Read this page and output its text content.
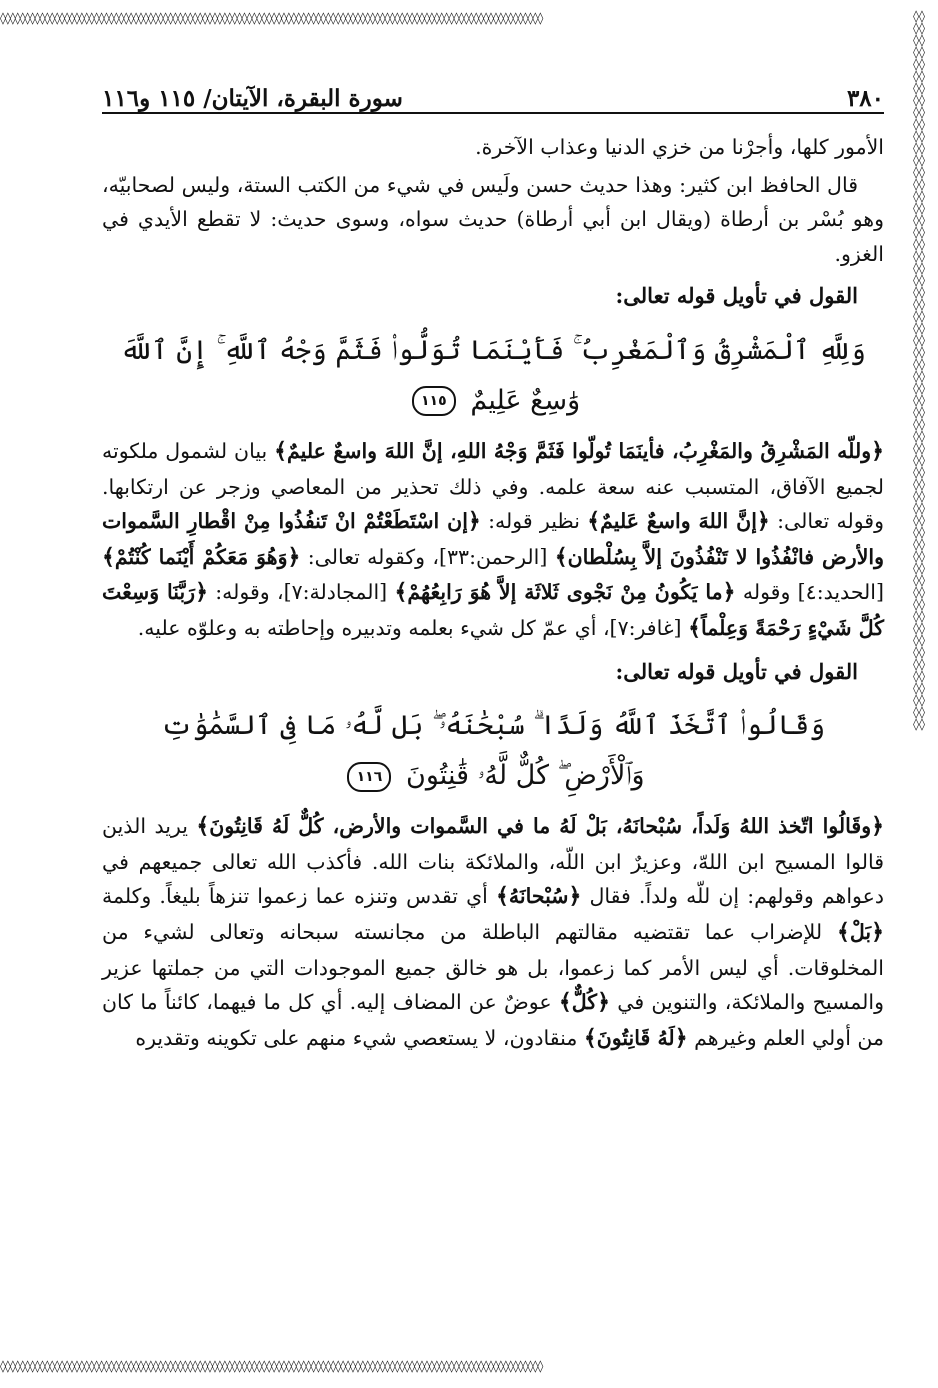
◊◊◊◊◊◊◊◊◊◊◊◊◊◊◊◊◊◊◊◊◊◊◊◊◊◊◊◊◊◊◊◊◊◊◊◊◊◊◊◊◊◊◊◊◊◊◊◊◊◊◊◊◊◊◊◊◊◊◊◊◊◊◊◊◊◊◊◊◊◊◊◊◊◊◊◊◊◊◊◊◊◊◊◊◊◊◊◊◊◊◊◊◊◊◊◊◊◊◊◊◊◊◊◊◊◊◊◊◊◊
◊◊◊◊◊◊◊◊◊◊◊◊◊◊◊◊◊◊◊◊◊◊◊◊◊◊◊◊◊◊◊◊◊◊◊◊◊◊◊◊◊◊◊◊◊◊◊◊◊◊◊◊◊◊◊◊◊◊◊◊◊◊◊◊◊◊◊◊◊◊◊◊◊◊◊◊◊◊◊◊◊◊◊◊◊◊◊◊◊◊◊◊◊◊◊◊◊◊◊◊◊◊◊◊◊◊◊◊◊◊
◊◊◊◊◊◊◊◊◊◊◊◊◊◊◊◊◊◊◊◊◊◊◊◊◊◊◊◊◊◊◊◊◊◊◊◊◊◊◊◊◊◊◊◊◊◊◊◊◊◊◊◊◊◊◊◊◊◊◊◊◊◊◊◊◊◊◊◊◊◊◊◊◊◊◊◊◊◊◊◊◊◊◊◊◊◊◊◊◊◊◊◊◊◊◊◊◊◊◊◊◊◊◊◊◊◊◊◊◊◊◊◊◊◊◊◊◊◊◊◊
٣٨٠
سورة البقرة، الآيتان/ ١١٥ و١١٦

الأمور كلها، وأجرْنا من خزي الدنيا وعذاب الآخرة.

قال الحافظ ابن كثير: وهذا حديث حسن ولَيس في شيء من الكتب الستة، وليس لصحابيّه، وهو بُسْر بن أرطاة (ويقال ابن أبي أرطاة) حديث سواه، وسوى حديث: لا تقطع الأيدي في الغزو.

القول في تأويل قوله تعالى:
وَلِلَّهِ ٱلْمَشْرِقُ وَٱلْمَغْرِبُ ۚ فَأَيْنَمَا تُوَلُّوا۟ فَثَمَّ وَجْهُ ٱللَّهِ ۚ إِنَّ ٱللَّهَ
وَٰسِعٌ عَلِيمٌ ١١٥

﴿وللّه المَشْرِقُ والمَغْرِبُ، فأينَمَا تُولّوا فَثَمَّ وَجْهُ اللهِ، إنَّ اللهَ واسعٌ عليمٌ﴾ بيان لشمول ملكوته لجميع الآفاق، المتسبب عنه سعة علمه. وفي ذلك تحذير من المعاصي وزجر عن ارتكابها. وقوله تعالى: ﴿إنَّ اللهَ واسعٌ عَليمٌ﴾ نظير قوله: ﴿إن اسْتَطَعْتُمْ انْ تَنفُذُوا مِنْ اقْطارِ السَّموات والأرض فانْفُذُوا لا تَنْفُذُونَ إلاَّ بِسُلْطان﴾ [الرحمن:٣٣]، وكقوله تعالى: ﴿وَهُوَ مَعَكُمْ أَيْنَما كُنْتُمْ﴾ [الحديد:٤] وقوله ﴿ما يَكُونُ مِنْ نَجْوى ثَلاثَة إلاَّ هُوَ رَابِعُهُمْ﴾ [المجادلة:٧]، وقوله: ﴿رَبَّنَا وَسِعْتَ كُلَّ شَيْءٍ رَحْمَةً وَعِلْماً﴾ [غافر:٧]، أي عمّ كل شيء بعلمه وتدبيره وإحاطته به وعلوّه عليه.

القول في تأويل قوله تعالى:
وَقَالُوا۟ ٱتَّخَذَ ٱللَّهُ وَلَدًا ۗ سُبْحَٰنَهُۥ ۖ بَل لَّهُۥ مَا فِى ٱلسَّمَٰوَٰتِ
وَٱلْأَرْضِ ۖ كُلٌّ لَّهُۥ قَٰنِتُونَ ١١٦

﴿وقَالُوا اتّخذ اللهُ وَلَداً، سُبْحانَهُ، بَلْ لَهُ ما في السَّموات والأرض، كُلٌّ لَهُ قَانِتُونَ﴾ يريد الذين قالوا المسيح ابن اللهّ، وعزيرٌ ابن اللّه، والملائكة بنات الله. فأكذب الله تعالى جميعهم في دعواهم وقولهم: إن للّه ولداً. فقال ﴿سُبْحانَهُ﴾ أي تقدس وتنزه عما زعموا تنزهاً بليغاً. وكلمة ﴿بَلْ﴾ للإضراب عما تقتضيه مقالتهم الباطلة من مجانسته سبحانه وتعالى لشيء من المخلوقات. أي ليس الأمر كما زعموا، بل هو خالق جميع الموجودات التي من جملتها عزير والمسيح والملائكة، والتنوين في ﴿كُلٌّ﴾ عوضٌ عن المضاف إليه. أي كل ما فيهما، كائناً ما كان من أولي العلم وغيرهم ﴿لَهُ قَانِتُونَ﴾ منقادون، لا يستعصي شيء منهم على تكوينه وتقديره
